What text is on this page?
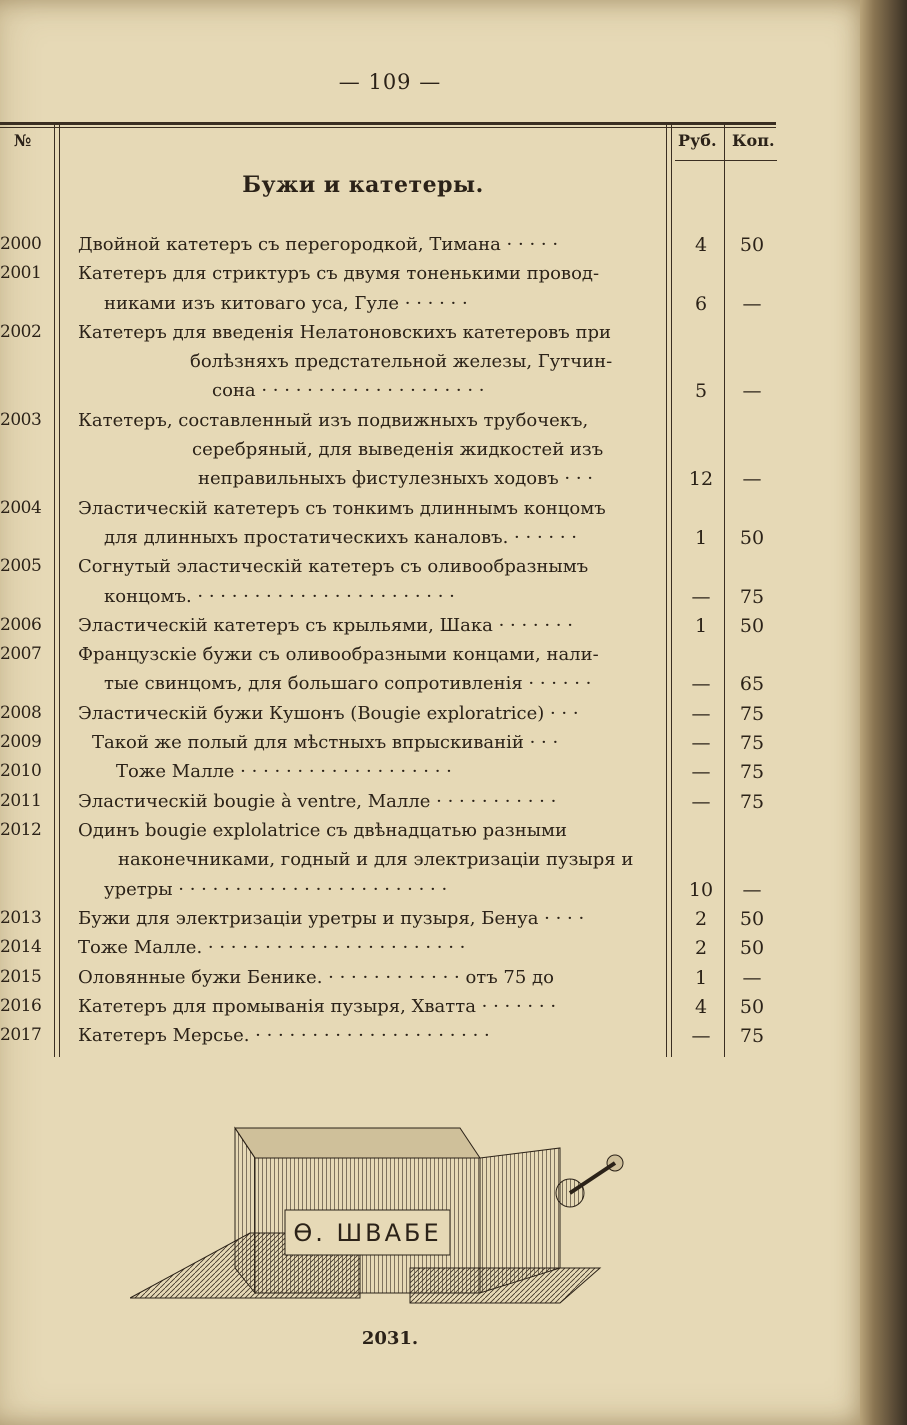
— 109 —
№	Руб. Коп.
Бужи и катетеры.
2000	Двойной катетеръ съ перегородкой, Тимана · · · · ·	4	50
2001	Катетеръ для стриктуръ съ двумя тоненькими провод-
никами изъ китоваго уса, Гуле · · · · · ·	6	—
2002	Катетеръ для введенія Нелатоновскихъ катетеровъ при
болѣзняхъ предстательной железы, Гутчин-
сона · · · · · · · · · · · · · · · · · · · ·	5	—
2003	Катетеръ, составленный изъ подвижныхъ трубочекъ,
серебряный, для выведенія жидкостей изъ
неправильныхъ фистулезныхъ ходовъ · · ·	12	—
2004	Эластическій катетеръ съ тонкимъ длиннымъ концомъ
для длинныхъ простатическихъ каналовъ. · · · · · ·	1	50
2005	Согнутый эластическій катетеръ съ оливообразнымъ
концомъ. · · · · · · · · · · · · · · · · · · · · · · ·	—	75
2006	Эластическій катетеръ съ крыльями, Шака · · · · · · ·	1	50
2007	Французскіе бужи съ оливообразными концами, нали-
тые свинцомъ, для большаго сопротивленія · · · · · ·	—	65
2008	Эластическій бужи Кушонъ (Bougie exploratrice) · · ·	—	75
2009	Такой же полый для мѣстныхъ впрыскиваній · · ·	—	75
2010	Тоже Малле · · · · · · · · · · · · · · · · · · ·	—	75
2011	Эластическій bougie à ventre, Малле · · · · · · · · · · ·	—	75
2012	Одинъ bougie explolatrice съ двѣнадцатью разными
наконечниками, годный и для электризаціи пузыря и
уретры · · · · · · · · · · · · · · · · · · · · · · · ·	10	—
2013	Бужи для электризаціи уретры и пузыря, Бенуа · · · ·	2	50
2014	Тоже Малле. · · · · · · · · · · · · · · · · · · · · · · ·	2	50
2015	Оловянные бужи Бенике. · · · · · · · · · · · · отъ 75 до	1	—
2016	Катетеръ для промыванія пузыря, Хватта · · · · · · ·	4	50
2017	Катетеръ Мерсье. · · · · · · · · · · · · · · · · · · · · ·	—	75
Ө. ШВАБЕ
2031.
